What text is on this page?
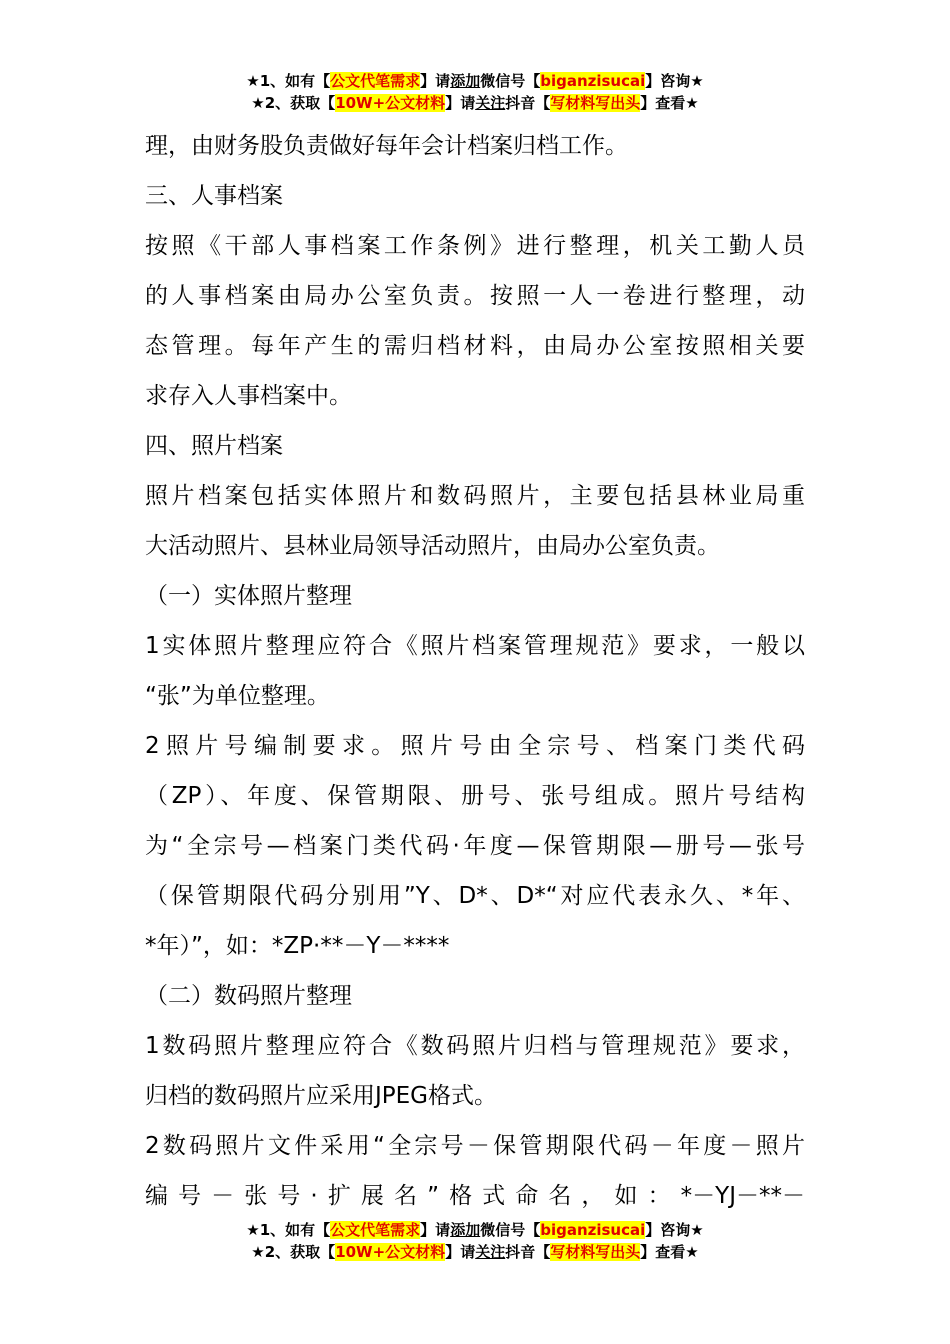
★1、如有【公文代笔需求】请添加微信号【biganzisucai】咨询★
★2、获取【10W+公文材料】请关注抖音【写材料写出头】查看★

理，由财务股负责做好每年会计档案归档工作。

三、人事档案

按照《干部人事档案工作条例》进行整理，机关工勤人员

的人事档案由局办公室负责。按照一人一卷进行整理，动

态管理。每年产生的需归档材料，由局办公室按照相关要

求存入人事档案中。

四、照片档案

照片档案包括实体照片和数码照片，主要包括县林业局重

大活动照片、县林业局领导活动照片，由局办公室负责。

（一）实体照片整理

1实体照片整理应符合《照片档案管理规范》要求，一般以

“张”为单位整理。

2照片号编制要求。照片号由全宗号、档案门类代码

（ZP）、年度、保管期限、册号、张号组成。照片号结构

为“全宗号—档案门类代码·年度—保管期限—册号—张号

（保管期限代码分别用”Y、D*、D*“对应代表永久、*年、

*年）”，如：*ZP·**－Y－****

（二）数码照片整理

1数码照片整理应符合《数码照片归档与管理规范》要求，

归档的数码照片应采用JPEG格式。

2数码照片文件采用“全宗号－保管期限代码－年度－照片

编号－张号·扩展名”格式命名，如：*－YJ－**－

★1、如有【公文代笔需求】请添加微信号【biganzisucai】咨询★
★2、获取【10W+公文材料】请关注抖音【写材料写出头】查看★
